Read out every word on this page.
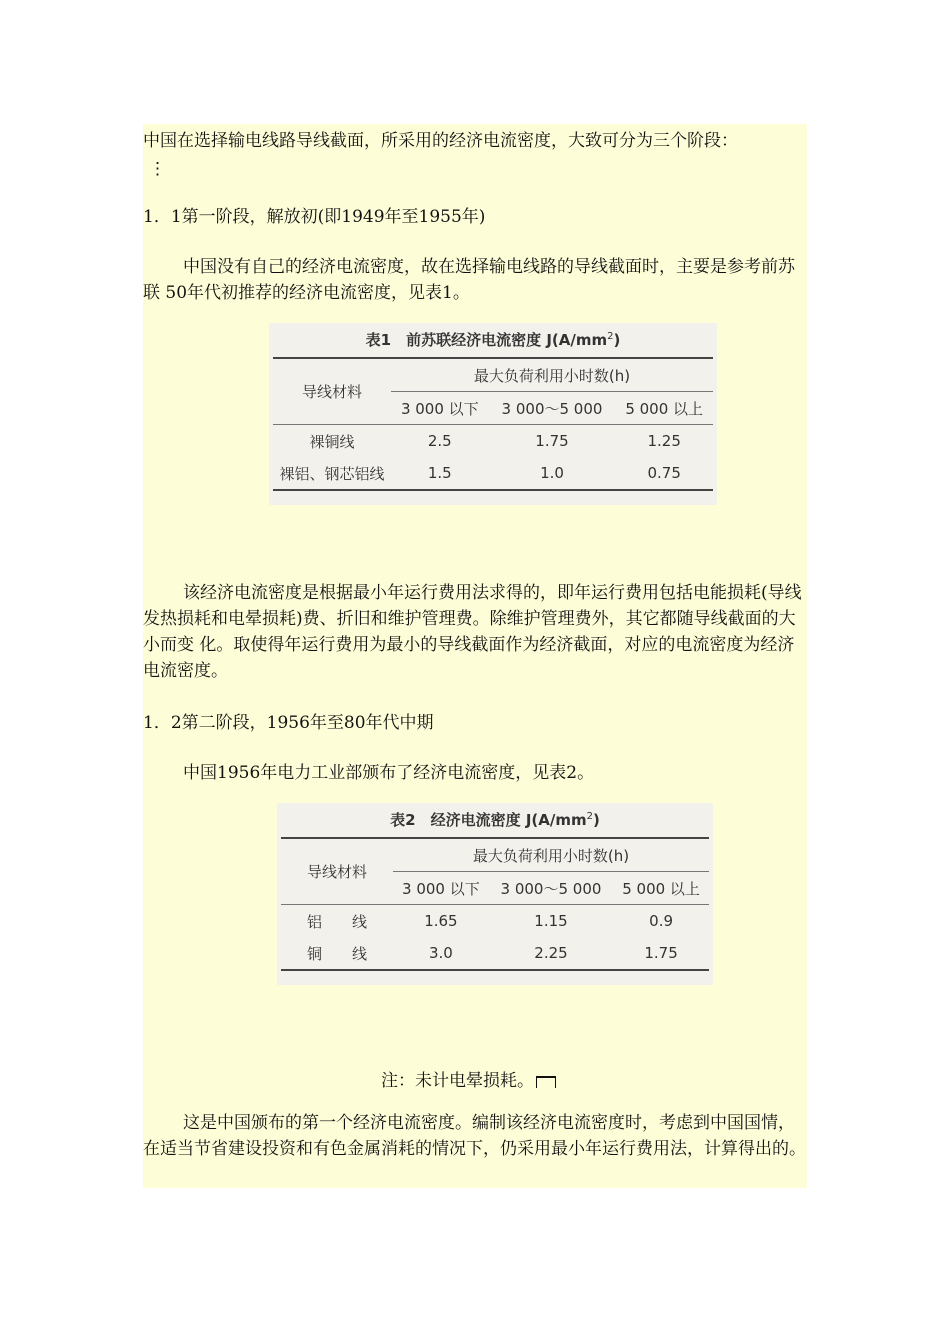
中国在选择输电线路导线截面，所采用的经济电流密度，大致可分为三个阶段：

⋮

1．1第一阶段，解放初(即1949年至1955年)

中国没有自己的经济电流密度，故在选择输电线路的导线截面时，主要是参考前苏联 50年代初推荐的经济电流密度，见表1。

表1　前苏联经济电流密度 $J(A/mm^2)$
导线材料	最大负荷利用小时数(h)		
	3 000 以下	3 000～5 000	5 000 以上
裸铜线	2.5	1.75	1.25
裸铝、钢芯铝线	1.5	1.0	0.75

该经济电流密度是根据最小年运行费用法求得的，即年运行费用包括电能损耗(导线 发热损耗和电晕损耗)费、折旧和维护管理费。除维护管理费外，其它都随导线截面的大小而变 化。取使得年运行费用为最小的导线截面作为经济截面，对应的电流密度为经济电流密度。

1．2第二阶段，1956年至80年代中期

中国1956年电力工业部颁布了经济电流密度，见表2。

表2　经济电流密度 $J(A/mm^2)$
导线材料	最大负荷利用小时数(h)		
	3 000 以下	3 000～5 000	5 000 以上
铝　　线	1.65	1.15	0.9
铜　　线	3.0	2.25	1.75

注：未计电晕损耗。

这是中国颁布的第一个经济电流密度。编制该经济电流密度时，考虑到中国国情，在适当节省建设投资和有色金属消耗的情况下，仍采用最小年运行费用法，计算得出的。
